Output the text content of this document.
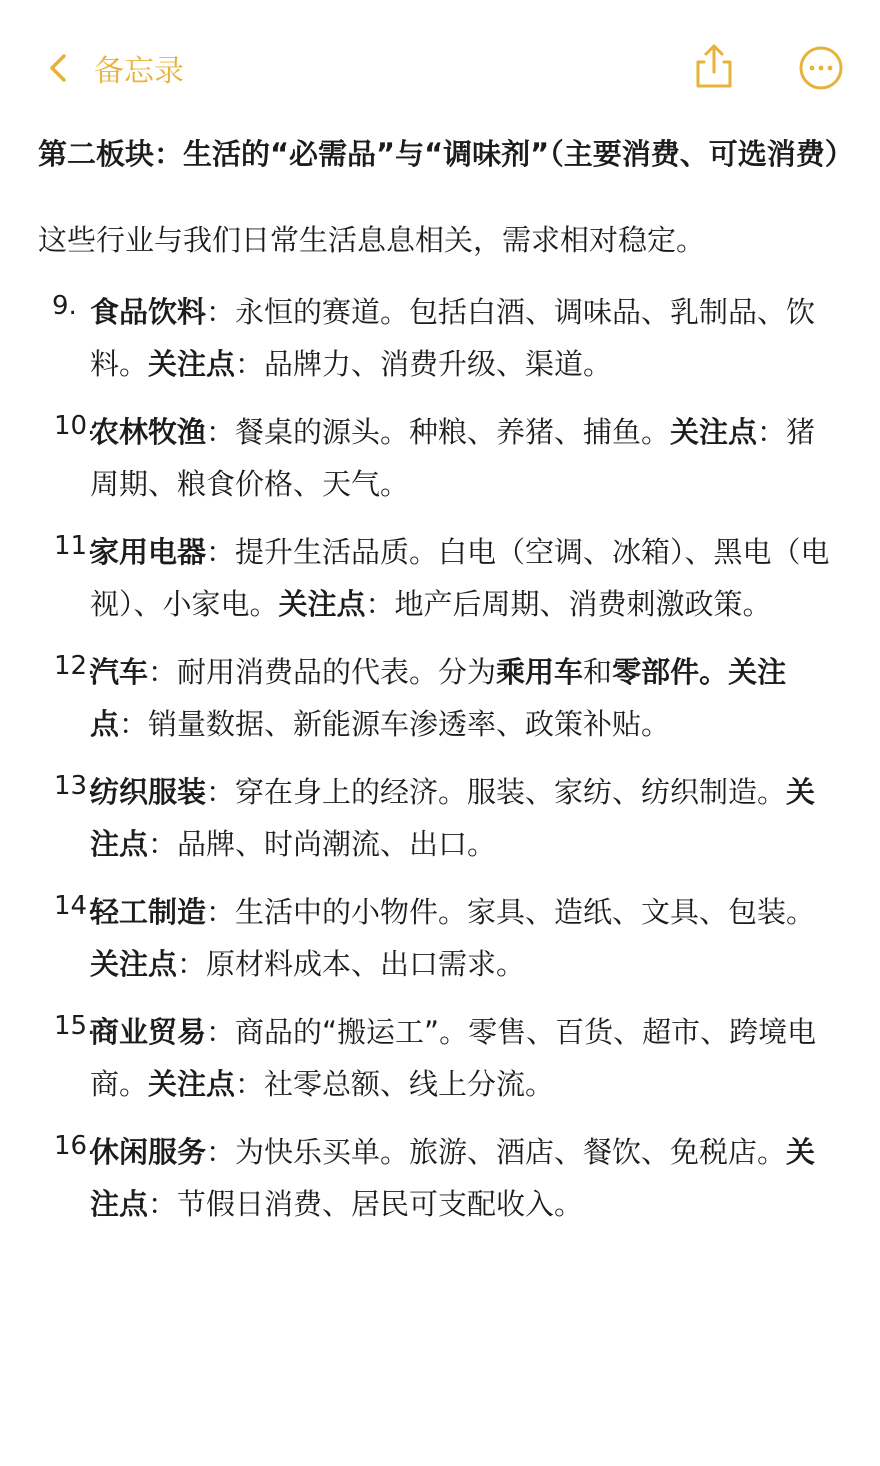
备忘录

第二板块：生活的“必需品”与“调味剂”（主要消费、可选消费）

这些行业与我们日常生活息息相关，需求相对稳定。

9. 食品饮料：永恒的赛道。包括白酒、调味品、乳制品、饮料。关注点：品牌力、消费升级、渠道。
10.
农林牧渔：餐桌的源头。种粮、养猪、捕鱼。关注点：猪周期、粮食价格、天气。
11.
家用电器：提升生活品质。白电（空调、冰箱）、黑电（电视）、小家电。关注点：地产后周期、消费刺激政策。
12.
汽车：耐用消费品的代表。分为乘用车和零部件。关注点：销量数据、新能源车渗透率、政策补贴。
13.
纺织服装：穿在身上的经济。服装、家纺、纺织制造。关注点：品牌、时尚潮流、出口。
14.
轻工制造：生活中的小物件。家具、造纸、文具、包装。关注点：原材料成本、出口需求。
15.
商业贸易：商品的“搬运工”。零售、百货、超市、跨境电商。关注点：社零总额、线上分流。
16.
休闲服务：为快乐买单。旅游、酒店、餐饮、免税店。关注点：节假日消费、居民可支配收入。
